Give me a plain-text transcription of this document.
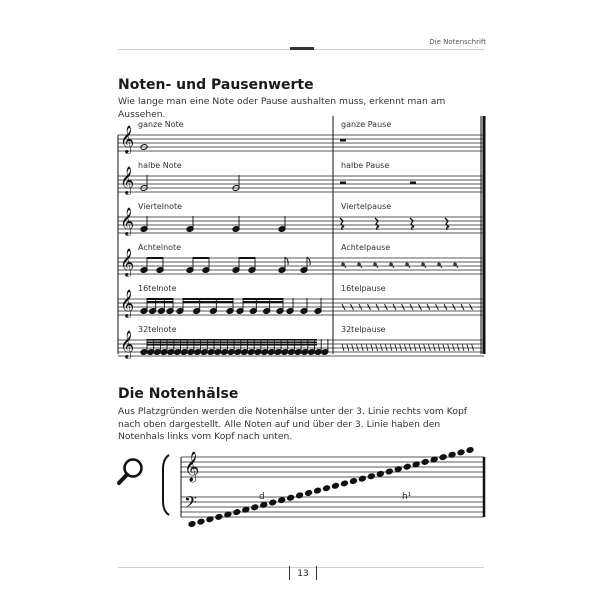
Die Notenschrift
Noten- und Pausenwerte
Wie lange man eine Note oder Pause aushalten muss, erkennt man am Aussehen.
ganze Note	ganze Pause
halbe Note	halbe Pause
Viertelnote	Viertelpause
Achtelnote	Achtelpause
16telnote	16telpause
32telnote	32telpause
Die Notenhälse
Aus Platzgründen werden die Notenhälse unter der 3. Linie rechts vom Kopf nach oben dargestellt. Alle Noten auf und über der 3. Linie haben den Notenhals links vom Kopf nach unten.
d	h¹
𝄞
𝄞
𝄞
𝄞
𝄞
𝄞
𝄞
𝄢
13
